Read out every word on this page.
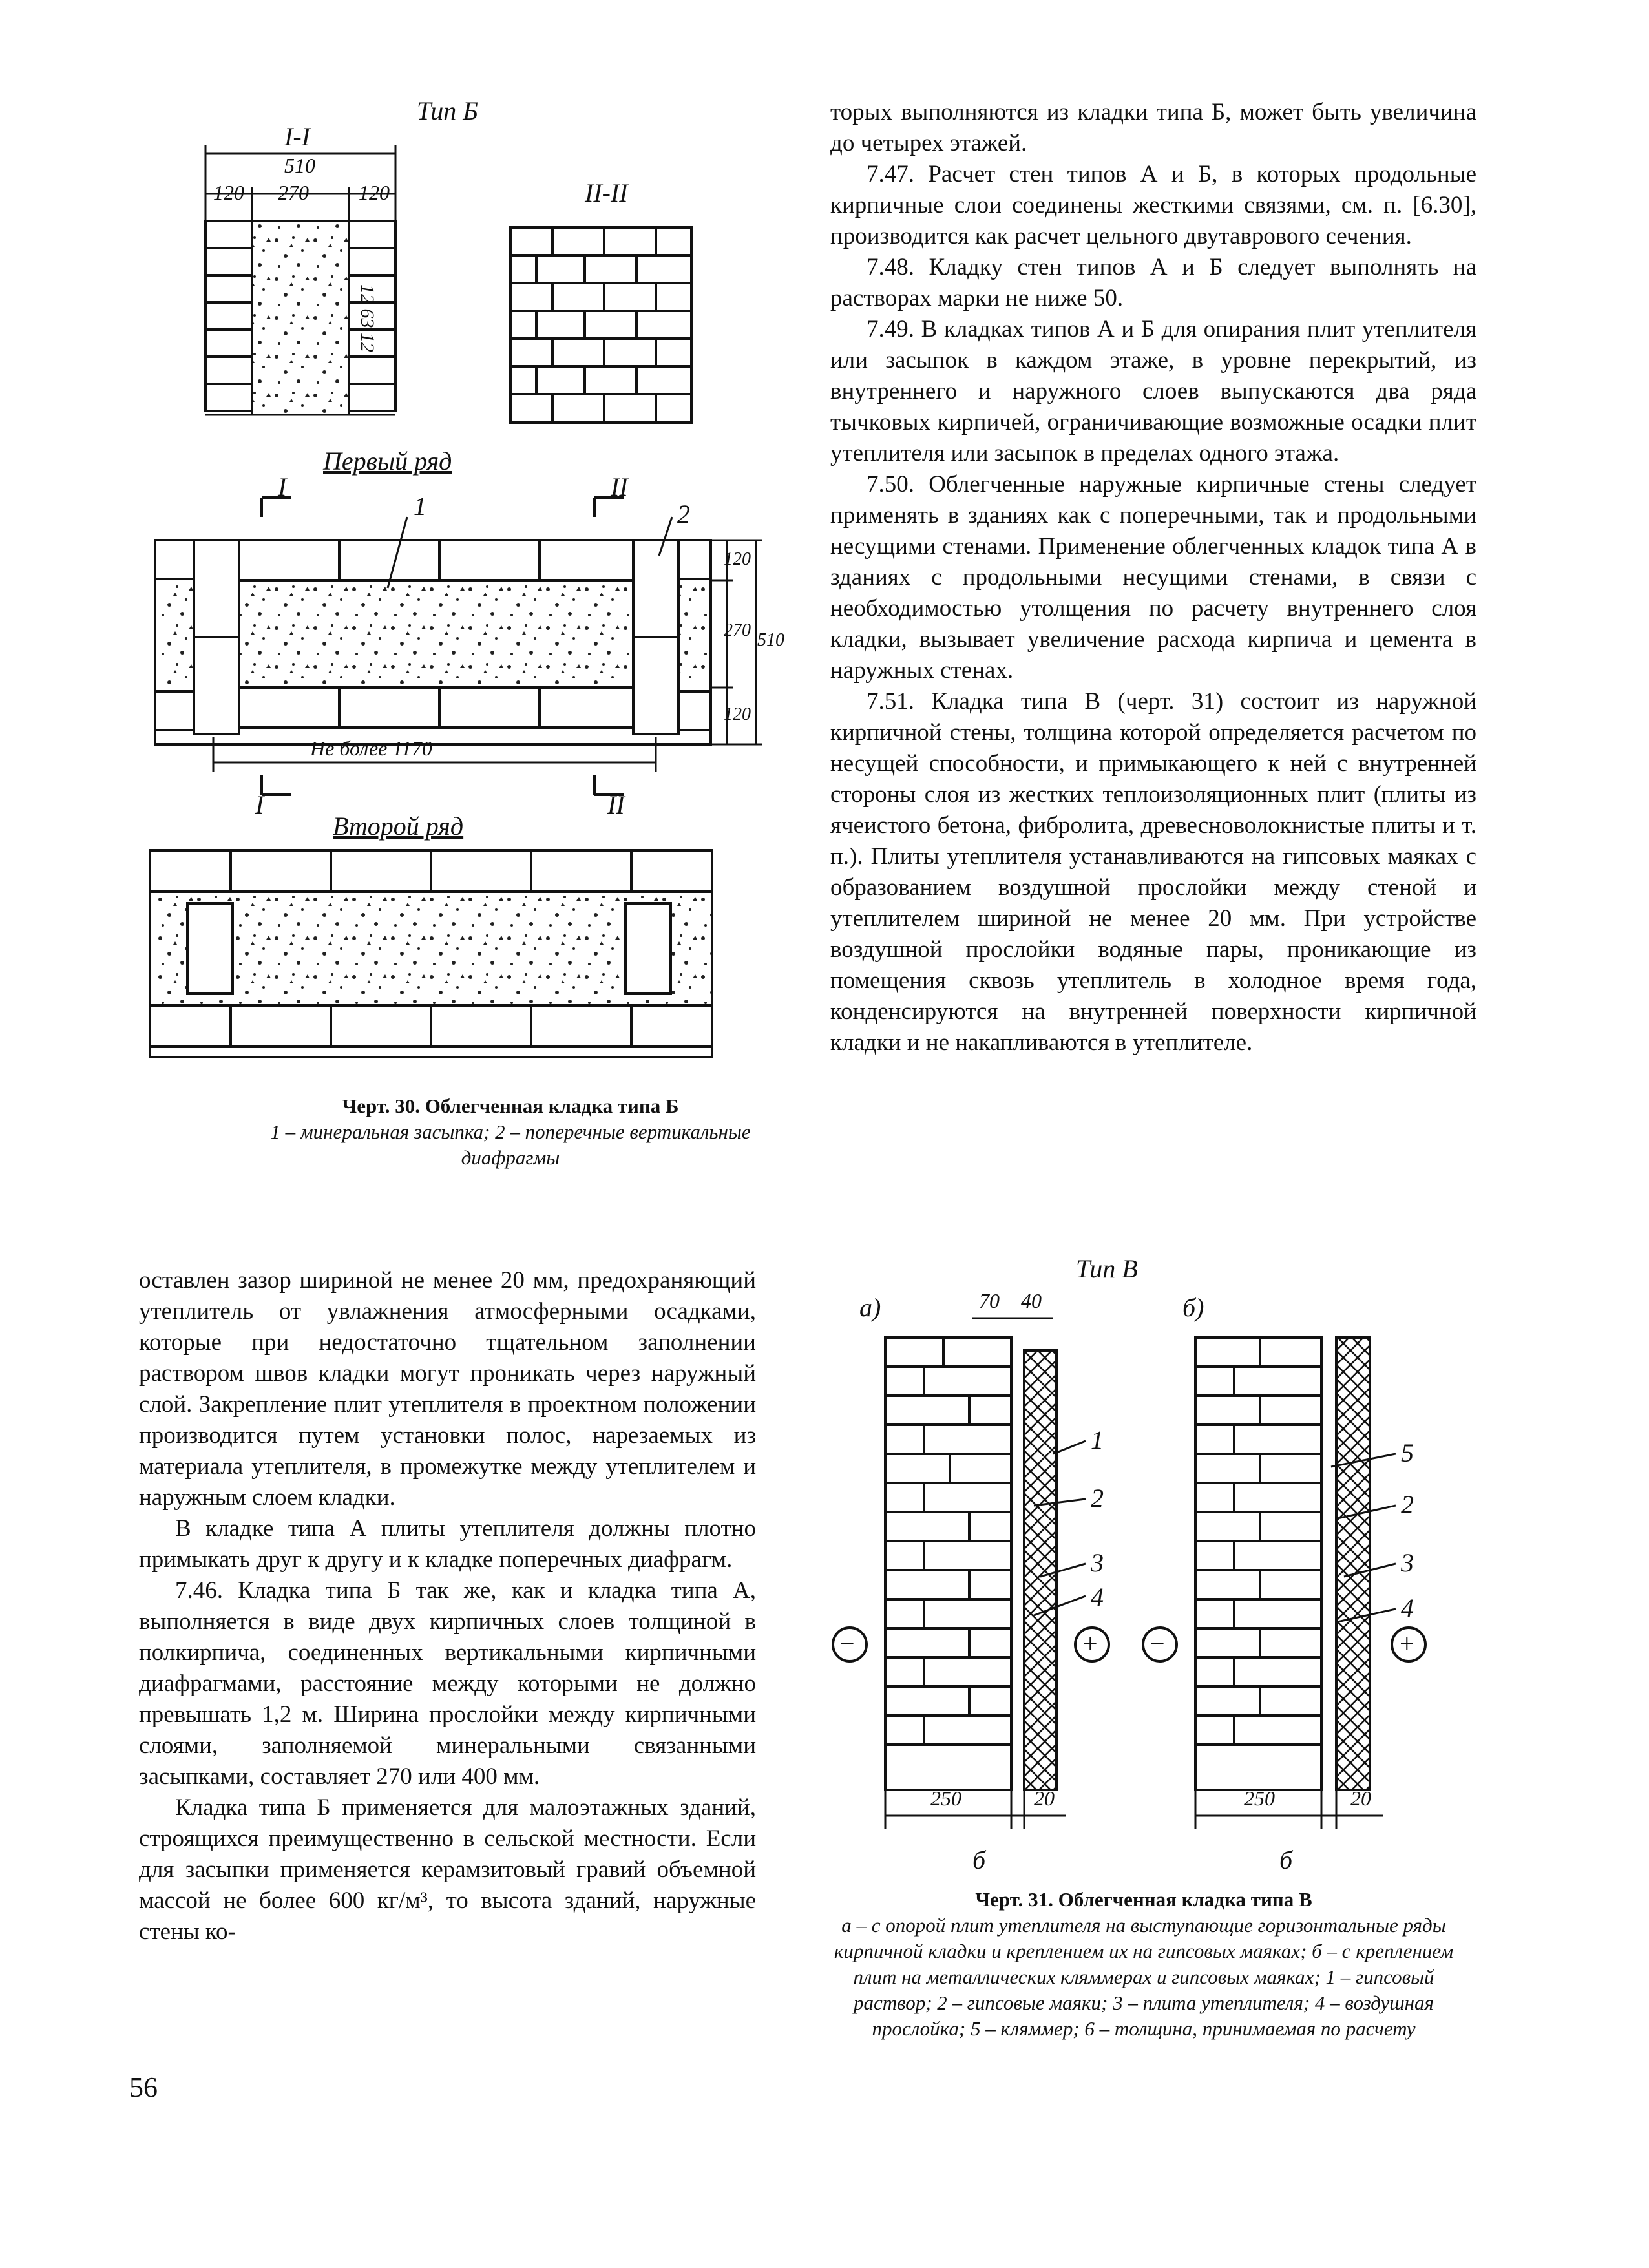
Тип Б
I-I
510
120 270 120
12 63 12
II-II
Первый ряд
I	II
1	2
120
270
120
510
Не более 1170
I	II
Второй ряд
Черт. 30. Облегченная кладка типа Б
1 – минеральная засыпка; 2 – поперечные вертикальные диафрагмы

торых выполняются из кладки типа Б, может быть увеличина до четырех этажей.

7.47. Расчет стен типов А и Б, в которых продольные кирпичные слои соединены жесткими связями, см. п. [6.30], производится как расчет цельного двутаврового сечения.

7.48. Кладку стен типов А и Б следует выполнять на растворах марки не ниже 50.

7.49. В кладках типов А и Б для опирания плит утеплителя или засыпок в каждом этаже, в уровне перекрытий, из внутреннего и наружного слоев выпускаются два ряда тычковых кирпичей, ограничивающие возможные осадки плит утеплителя или засыпок в пределах одного этажа.

7.50. Облегченные наружные кирпичные стены следует применять в зданиях как с поперечными, так и продольными несущими стенами. Применение облегченных кладок типа А в зданиях с продольными несущими стенами, в связи с необходимостью утолщения по расчету внутреннего слоя кладки, вызывает увеличение расхода кирпича и цемента в наружных стенах.

7.51. Кладка типа В (черт. 31) состоит из наружной кирпичной стены, толщина которой определяется расчетом по несущей способности, и примыкающего к ней с внутренней стороны слоя из жестких теплоизоляционных плит (плиты из ячеистого бетона, фибролита, древесноволокнистые плиты и т. п.). Плиты утеплителя устанавливаются на гипсовых маяках с образованием воздушной прослойки между стеной и утеплителем шириной не менее 20 мм. При устройстве воздушной прослойки водяные пары, проникающие из помещения сквозь утеплитель в холодное время года, конденсируются на внутренней поверхности кирпичной кладки и не накапливаются в утеплителе.

оставлен зазор шириной не менее 20 мм, предохраняющий утеплитель от увлажнения атмосферными осадками, которые при недостаточно тщательном заполнении раствором швов кладки могут проникать через наружный слой. Закрепление плит утеплителя в проектном положении производится путем установки полос, нарезаемых из материала утеплителя, в промежутке между утеплителем и наружным слоем кладки.

В кладке типа А плиты утеплителя должны плотно примыкать друг к другу и к кладке поперечных диафрагм.

7.46. Кладка типа Б так же, как и кладка типа А, выполняется в виде двух кирпичных слоев толщиной в полкирпича, соединенных вертикальными кирпичными диафрагмами, расстояние между которыми не должно превышать 1,2 м. Ширина прослойки между кирпичными слоями, заполняемой минеральными связанными засыпками, составляет 270 или 400 мм.

Кладка типа Б применяется для малоэтажных зданий, строящихся преимущественно в сельской местности. Если для засыпки применяется керамзитовый гравий объемной массой не более 600 кг/м³, то высота зданий, наружные стены ко-

Тип В
а)	б)
70 40
1
2
3
4
5
2
3
4
−	+ −	+
250	20	250	20
б	б
Черт. 31. Облегченная кладка типа В
а – с опорой плит утеплителя на выступающие горизонтальные ряды кирпичной кладки и креплением их на гипсовых маяках; б – с креплением плит на металлических кляммерах и гипсовых маяках; 1 – гипсовый раствор; 2 – гипсовые маяки; 3 – плита утеплителя; 4 – воздушная прослойка; 5 – кляммер; 6 – толщина, принимаемая по расчету
56
